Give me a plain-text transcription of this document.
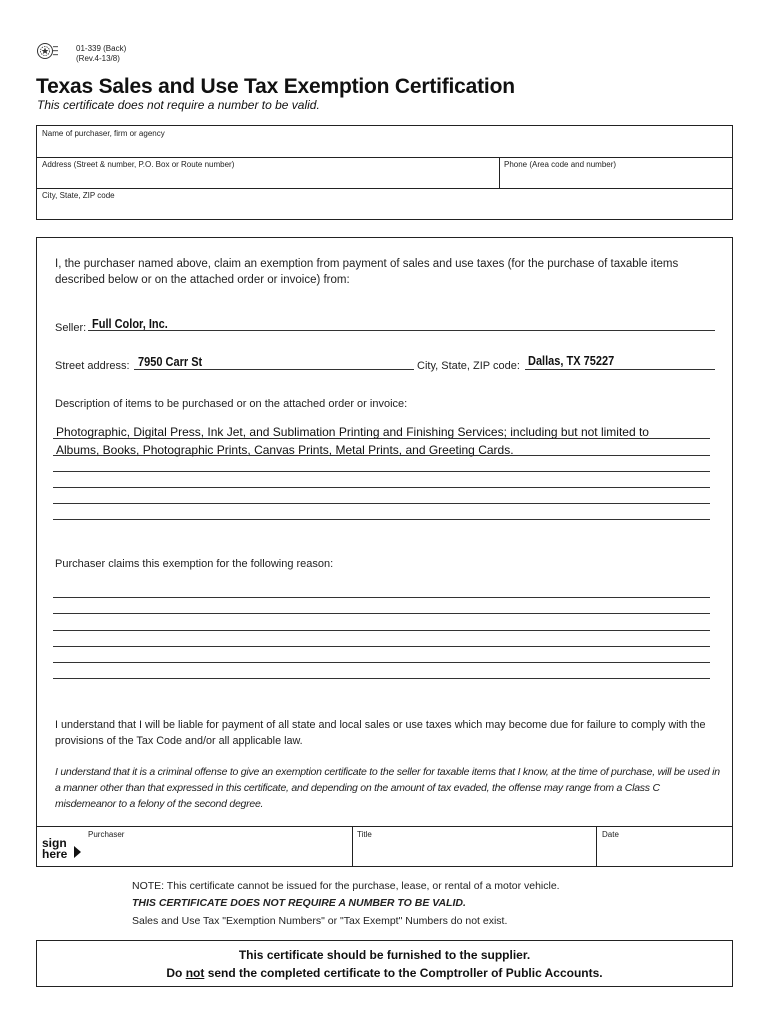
01-339 (Back)
(Rev.4-13/8)
Texas Sales and Use Tax Exemption Certification
This certificate does not require a number to be valid.
Name of purchaser, firm or agency
Address (Street & number, P.O. Box or Route number)	Phone (Area code and number)
City, State, ZIP code
I, the purchaser named above, claim an exemption from payment of sales and use taxes (for the purchase of taxable items described below or on the attached order or invoice) from:
Seller: Full Color, Inc.
Street address: 7950 Carr St	City, State, ZIP code: Dallas, TX 75227
Description of items to be purchased or on the attached order or invoice:
Photographic, Digital Press, Ink Jet, and Sublimation Printing and Finishing Services; including but not limited to
Albums, Books, Photographic Prints, Canvas Prints, Metal Prints, and Greeting Cards.
Purchaser claims this exemption for the following reason:
I understand that I will be liable for payment of all state and local sales or use taxes which may become due for failure to comply with the provisions of the Tax Code and/or all applicable law.
I understand that it is a criminal offense to give an exemption certificate to the seller for taxable items that I know, at the time of purchase, will be used in a manner other than that expressed in this certificate, and depending on the amount of tax evaded, the offense may range from a Class C misdemeanor to a felony of the second degree.
Purchaser	Title	Date
sign
here
NOTE: This certificate cannot be issued for the purchase, lease, or rental of a motor vehicle.
THIS CERTIFICATE DOES NOT REQUIRE A NUMBER TO BE VALID.
Sales and Use Tax "Exemption Numbers" or "Tax Exempt" Numbers do not exist.
This certificate should be furnished to the supplier.
Do not send the completed certificate to the Comptroller of Public Accounts.
